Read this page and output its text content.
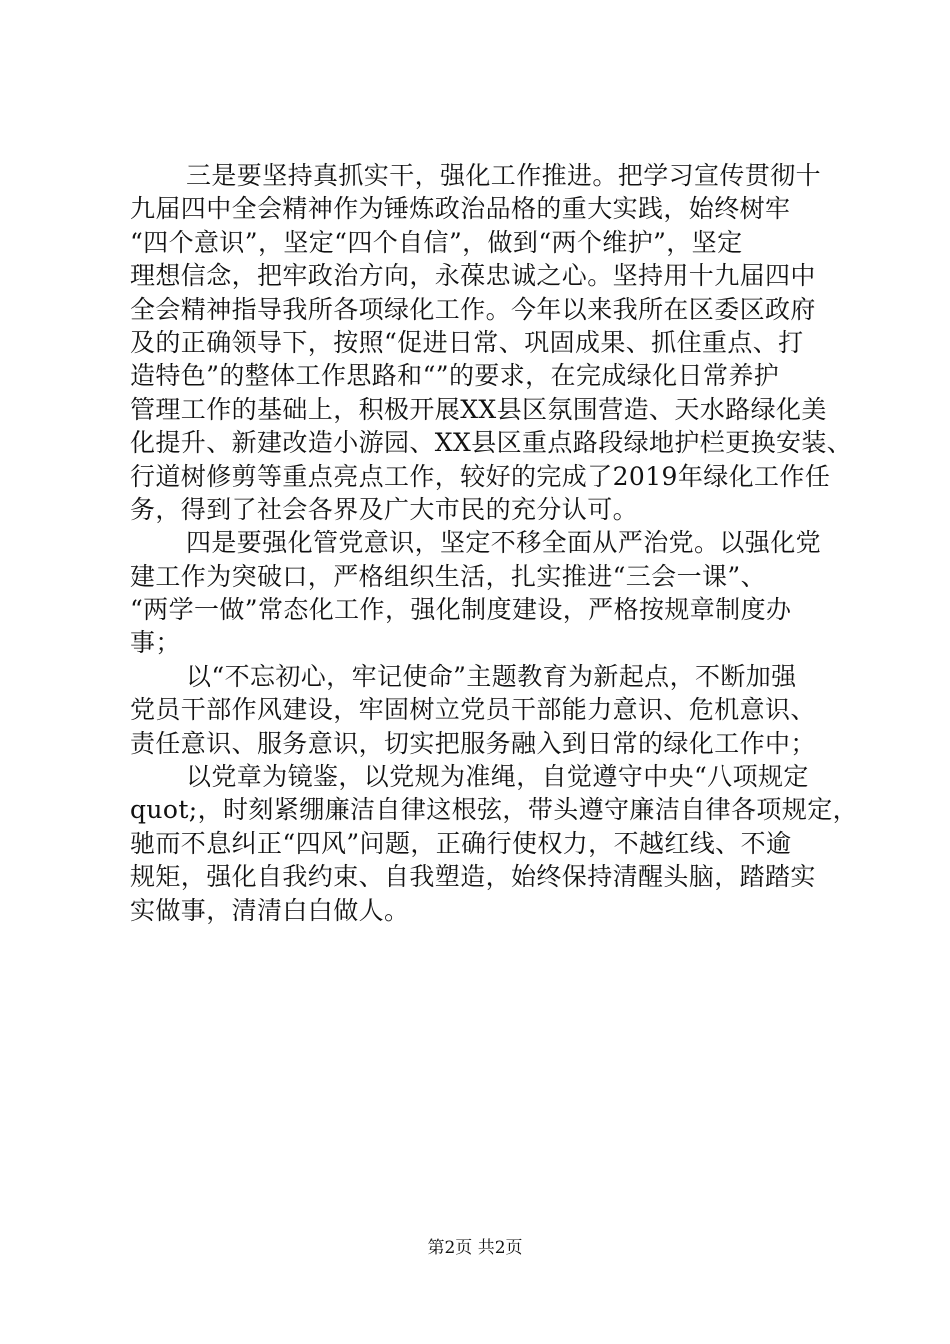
三是要坚持真抓实干，强化工作推进。把学习宣传贯彻十
九届四中全会精神作为锤炼政治品格的重大实践，始终树牢
“四个意识”，坚定“四个自信”，做到“两个维护”，坚定
理想信念，把牢政治方向，永葆忠诚之心。坚持用十九届四中
全会精神指导我所各项绿化工作。今年以来我所在区委区政府
及的正确领导下，按照“促进日常、巩固成果、抓住重点、打
造特色”的整体工作思路和“”的要求，在完成绿化日常养护
管理工作的基础上，积极开展XX县区氛围营造、天水路绿化美
化提升、新建改造小游园、XX县区重点路段绿地护栏更换安装、
行道树修剪等重点亮点工作，较好的完成了2019年绿化工作任
务，得到了社会各界及广大市民的充分认可。
四是要强化管党意识，坚定不移全面从严治党。以强化党
建工作为突破口，严格组织生活，扎实推进“三会一课”、
“两学一做”常态化工作，强化制度建设，严格按规章制度办
事；
以“不忘初心，牢记使命”主题教育为新起点，不断加强
党员干部作风建设，牢固树立党员干部能力意识、危机意识、
责任意识、服务意识，切实把服务融入到日常的绿化工作中；
以党章为镜鉴，以党规为准绳，自觉遵守中央“八项规定
quot;，时刻紧绷廉洁自律这根弦，带头遵守廉洁自律各项规定，
驰而不息纠正“四风”问题，正确行使权力，不越红线、不逾
规矩，强化自我约束、自我塑造，始终保持清醒头脑，踏踏实
实做事，清清白白做人。
第2页 共2页
